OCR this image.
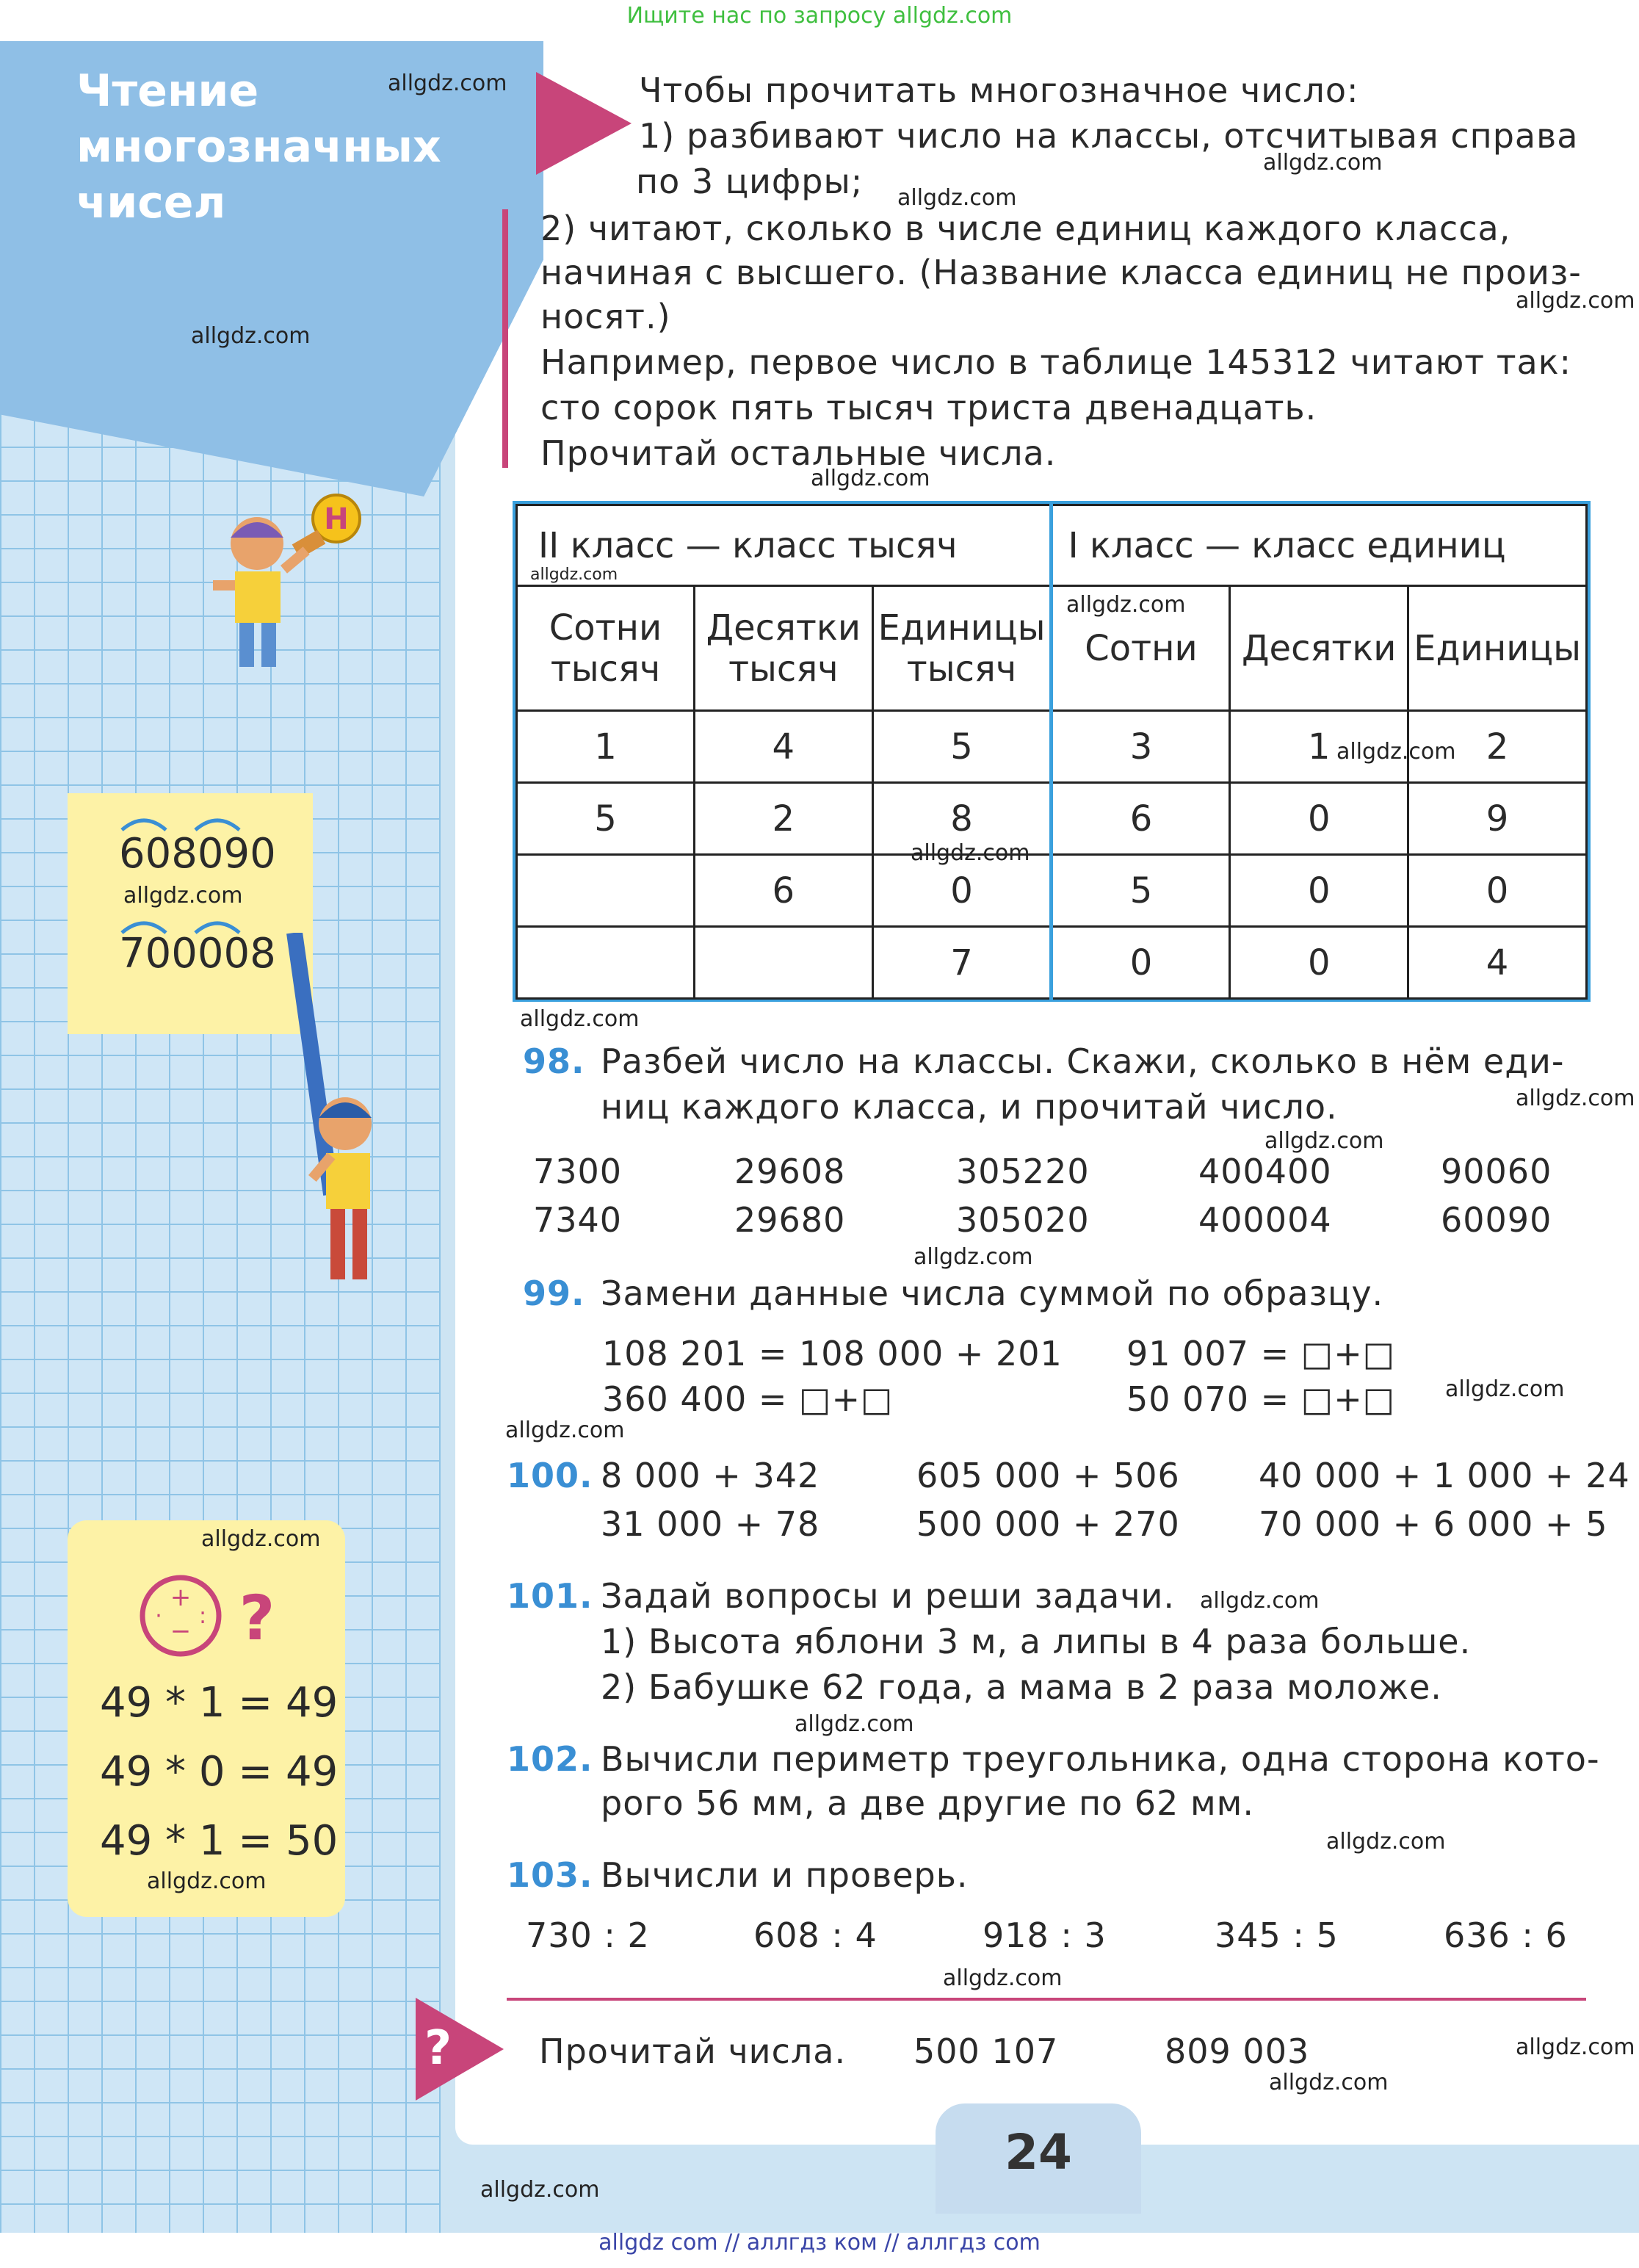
Ищите нас по запросу allgdz.com
Чтение
многозначных
чисел
Чтобы прочитать многозначное число:
1) разбивают число на классы, отсчитывая справа
по 3 цифры;
2) читают, сколько в числе единиц каждого класса,
начиная с высшего. (Название класса единиц не произ-
носят.)
Например, первое число в таблице 145312 читают так:
сто сорок пять тысяч триста двенадцать.
Прочитай остальные числа.
II класс — класс тысяч			I класс — класс единиц		
Сотни тысяч	Десятки тысяч	Единицы тысяч	Сотни	Десятки	Единицы
1	4	5	3	1	2
5	2	8	6	0	9
	6	0	5	0	0
		7	0	0	4
Н
608090
700008
+
−
· : ?
49 * 1 = 49
49 * 0 = 49
49 * 1 = 50
98. Разбей число на классы. Скажи, сколько в нём еди-
ниц каждого класса, и прочитай число.
7300	29608	305220	400400	90060
7340	29680	305020	400004	60090
99. Замени данные числа суммой по образцу.
108 201 = 108 000 + 201
360 400 = □+□
91 007 = □+□
50 070 = □+□
100. 8 000 + 342
31 000 + 78
605 000 + 506
500 000 + 270
40 000 + 1 000 + 24
70 000 + 6 000 + 5
101. Задай вопросы и реши задачи.
1) Высота яблони 3 м, а липы в 4 раза больше.
2) Бабушке 62 года, а мама в 2 раза моложе.
102. Вычисли периметр треугольника, одна сторона кото-
рого 56 мм, а две другие по 62 мм.
103. Вычисли и проверь.
730 : 2	608 : 4	918 : 3	345 : 5	636 : 6
?	Прочитай числа. 500 107	809 003
24
allgdz.com
allgdz.com
allgdz.com
allgdz.com
allgdz.com
allgdz.com
allgdz.com
allgdz.com
allgdz.com
allgdz.com
allgdz.com
allgdz.com
allgdz.com
allgdz.com
allgdz.com
allgdz.com
allgdz.com
allgdz.com
allgdz.com
allgdz.com
allgdz.com
allgdz.com
allgdz.com
allgdz.com
allgdz.com
allgdz.com
allgdz com // аллгдз ком // аллгдз com
